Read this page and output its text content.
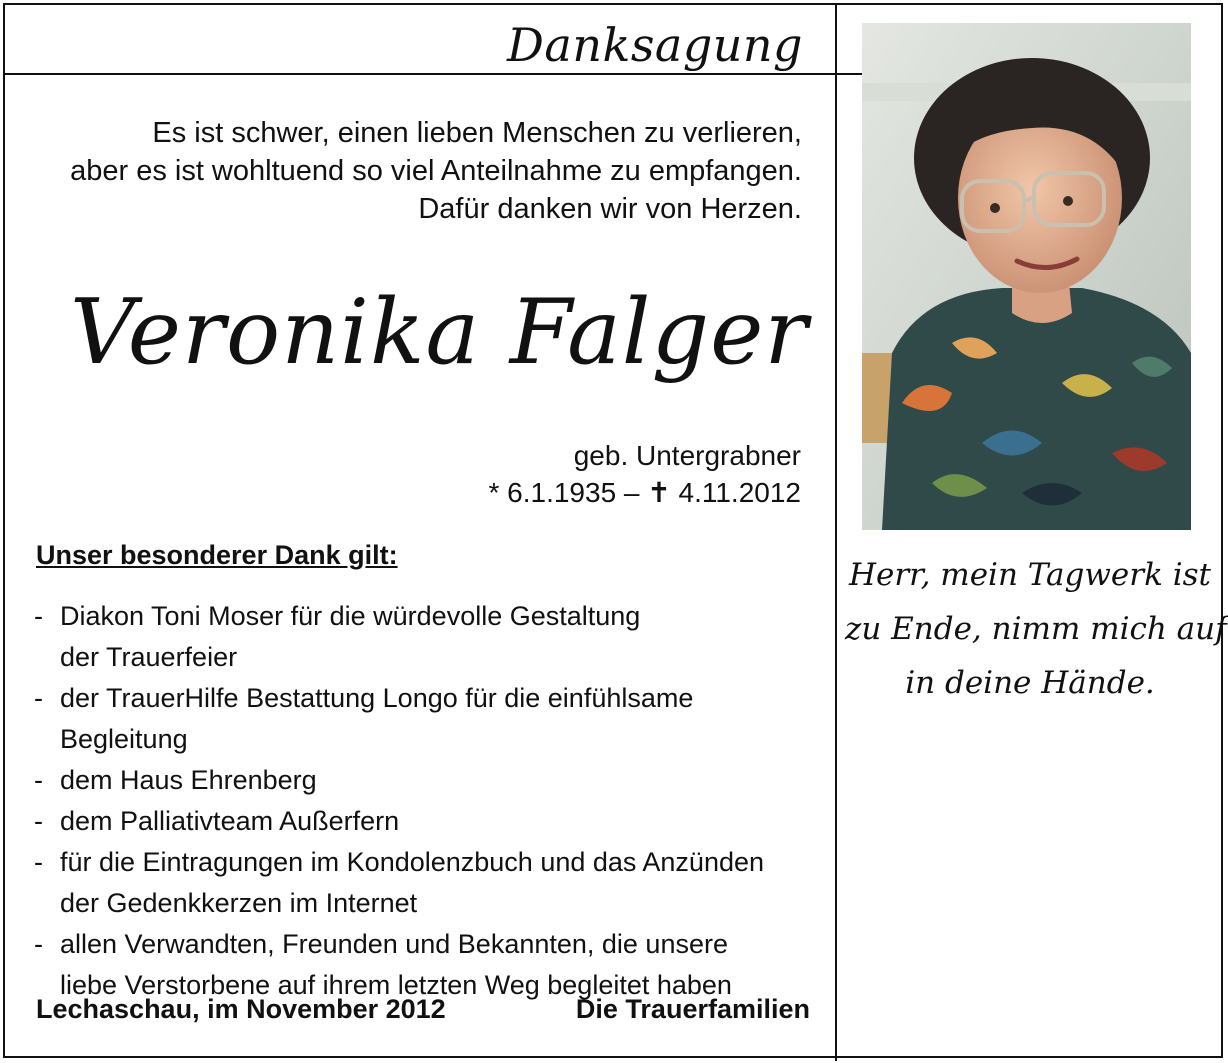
Danksagung
Es ist schwer, einen lieben Menschen zu verlieren,
aber es ist wohltuend so viel Anteilnahme zu empfangen.
Dafür danken wir von Herzen.
Veronika Falger
geb. Untergrabner
* 6.1.1935 – ✝ 4.11.2012
Unser besonderer Dank gilt:
- Diakon Toni Moser für die würdevolle Gestaltung
der Trauerfeier
- der TrauerHilfe Bestattung Longo für die einfühlsame Begleitung
- dem Haus Ehrenberg
- dem Palliativteam Außerfern
- für die Eintragungen im Kondolenzbuch und das Anzünden
der Gedenkkerzen im Internet
- allen Verwandten, Freunden und Bekannten, die unsere
liebe Verstorbene auf ihrem letzten Weg begleitet haben
Lechaschau, im November 2012	Die Trauerfamilien
Herr, mein Tagwerk ist
zu Ende, nimm mich auf
in deine Hände.
